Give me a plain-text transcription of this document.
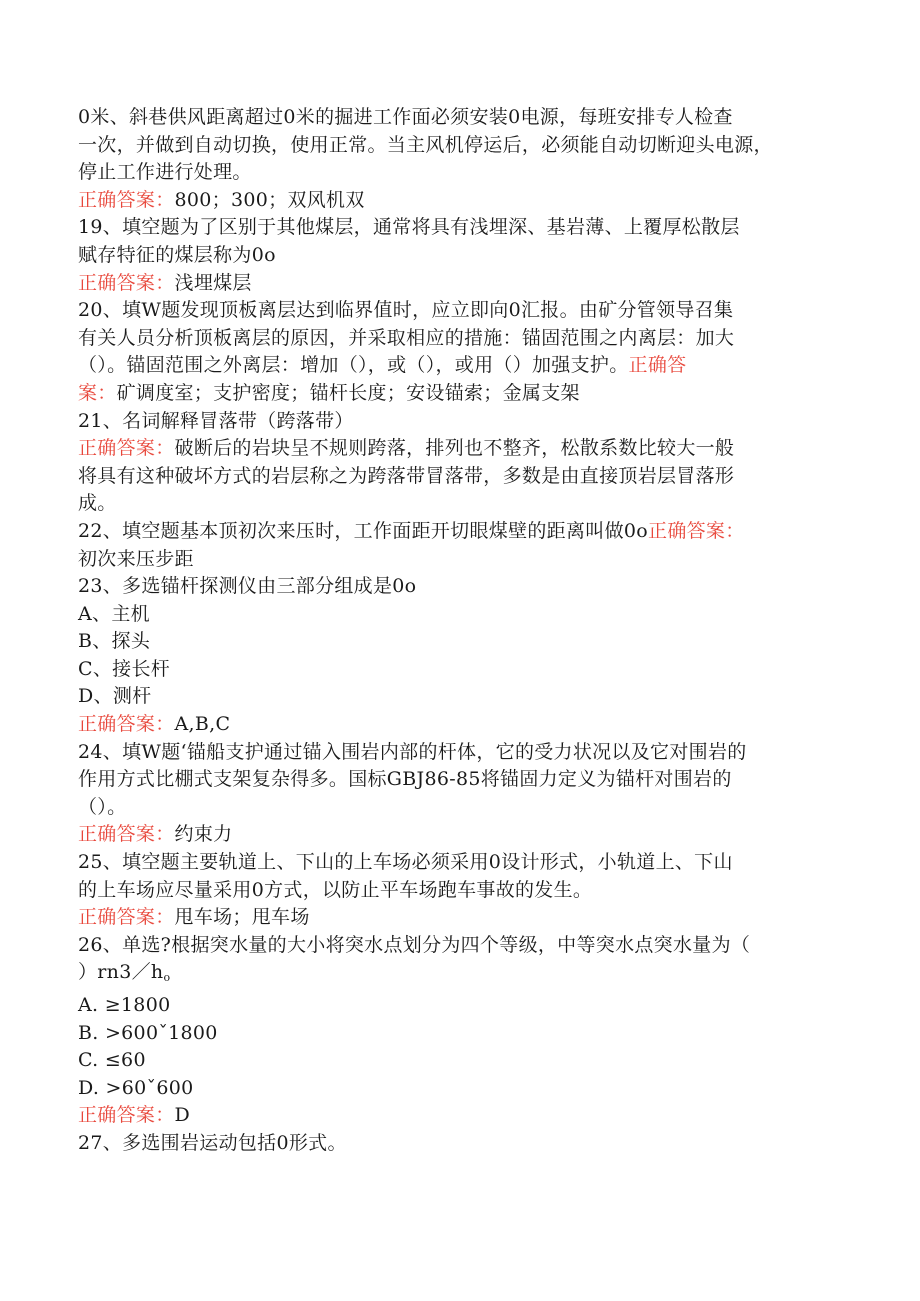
0米、斜巷供风距离超过0米的掘进工作面必须安装0电源，每班安排专人检查
一次，并做到自动切换，使用正常。当主风机停运后，必须能自动切断迎头电源，
停止工作进行处理。
正确答案：800；300；双风机双
19、填空题为了区别于其他煤层，通常将具有浅埋深、基岩薄、上覆厚松散层
赋存特征的煤层称为0o
正确答案：浅埋煤层
20、填W题发现顶板离层达到临界值时，应立即向0汇报。由矿分管领导召集
有关人员分析顶板离层的原因，并采取相应的措施：锚固范围之内离层：加大
（）。锚固范围之外离层：增加（），或（），或用（）加强支护。正确答
案：矿调度室；支护密度；锚杆长度；安设锚索；金属支架
21、名词解释冒落带（跨落带）
正确答案：破断后的岩块呈不规则跨落，排列也不整齐，松散系数比较大一般
将具有这种破坏方式的岩层称之为跨落带冒落带，多数是由直接顶岩层冒落形
成。
22、填空题基本顶初次来压时，工作面距开切眼煤壁的距离叫做0o正确答案：
初次来压步距
23、多选锚杆探测仪由三部分组成是0o
A、主机
B、探头
C、接长杆
D、测杆
正确答案：A,B,C
24、填W题‘锚船支护通过锚入围岩内部的杆体，它的受力状况以及它对围岩的
作用方式比棚式支架复杂得多。国标GBJ86-85将锚固力定义为锚杆对围岩的
（）。
正确答案：约束力
25、填空题主要轨道上、下山的上车场必须采用0设计形式，小轨道上、下山
的上车场应尽量采用0方式，以防止平车场跑车事故的发生。
正确答案：甩车场；甩车场
26、单选?根据突水量的大小将突水点划分为四个等级，中等突水点突水量为（
）$rn3/h_o$
A. ≥1800
B. >600ˇ1800
C. ≤60
D. >60ˇ600
正确答案：D
27、多选围岩运动包括0形式。
